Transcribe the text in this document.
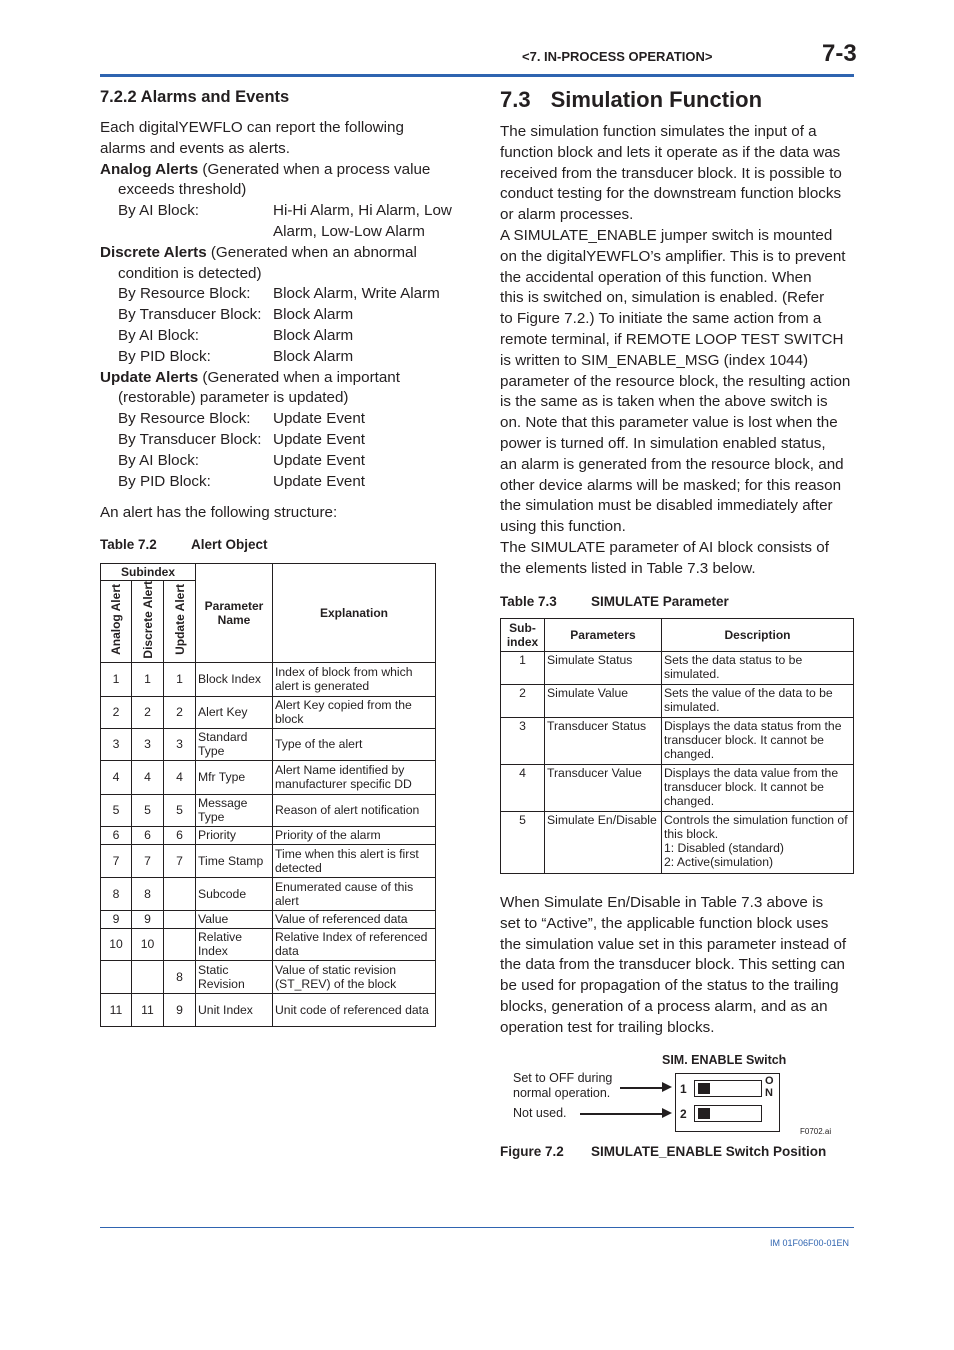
<7. IN-PROCESS OPERATION>	7-3
7.2.2 Alarms and Events
Each digitalYEWFLO can report the following
alarms and events as alerts.
Analog Alerts (Generated when a process value
exceeds threshold)
By AI Block:	Hi-Hi Alarm, Hi Alarm, Low
Alarm, Low-Low Alarm
Discrete Alerts (Generated when an abnormal
condition is detected)
By Resource Block:	Block Alarm, Write Alarm
By Transducer Block: Block Alarm
By AI Block:	Block Alarm
By PID Block:	Block Alarm
Update Alerts (Generated when a important
(restorable) parameter is updated)
By Resource Block:	Update Event
By Transducer Block: Update Event
By AI Block:	Update Event
By PID Block:	Update Event
An alert has the following structure:
Table 7.2	Alert Object
Subindex			Parameter Name	Explanation
Analog Alert	Discrete Alert	Update Alert		
1	1	1	Block Index	Index of block from which alert is generated
2	2	2	Alert Key	Alert Key copied from the block
3	3	3	Standard Type	Type of the alert
4	4	4	Mfr Type	Alert Name identified by manufacturer specific DD
5	5	5	Message Type	Reason of alert notification
6	6	6	Priority	Priority of the alarm
7	7	7	Time Stamp	Time when this alert is first detected
8	8		Subcode	Enumerated cause of this alert
9	9		Value	Value of referenced data
10	10		Relative Index	Relative Index of referenced data
		8	Static Revision	Value of static revision (ST_REV) of the block
11	11	9	Unit Index	Unit code of referenced data
7.3 Simulation Function
The simulation function simulates the input of a
function block and lets it operate as if the data was
received from the transducer block. It is possible to
conduct testing for the downstream function blocks
or alarm processes.
A SIMULATE_ENABLE jumper switch is mounted
on the digitalYEWFLO’s amplifier. This is to prevent
the accidental operation of this function. When
this is switched on, simulation is enabled. (Refer
to Figure 7.2.) To initiate the same action from a
remote terminal, if REMOTE LOOP TEST SWITCH
is written to SIM_ENABLE_MSG (index 1044)
parameter of the resource block, the resulting action
is the same as is taken when the above switch is
on. Note that this parameter value is lost when the
power is turned off. In simulation enabled status,
an alarm is generated from the resource block, and
other device alarms will be masked; for this reason
the simulation must be disabled immediately after
using this function.
The SIMULATE parameter of AI block consists of
the elements listed in Table 7.3 below.
Table 7.3	SIMULATE Parameter
Sub-index	Parameters	Description
1	Simulate Status	Sets the data status to be simulated.
2	Simulate Value	Sets the value of the data to be simulated.
3	Transducer Status	Displays the data status from the transducer block. It cannot be changed.
4	Transducer Value	Displays the data value from the transducer block. It cannot be changed.
5	Simulate En/Disable	Controls the simulation function of this block.
1: Disabled (standard)
2: Active(simulation)
When Simulate En/Disable in Table 7.3 above is
set to “Active”, the applicable function block uses
the simulation value set in this parameter instead of
the data from the transducer block. This setting can
be used for propagation of the status to the trailing
blocks, generation of a process alarm, and as an
operation test for trailing blocks.
SIM. ENABLE Switch
Set to OFF during
normal operation.
Not used.
1
2
O
N
F0702.ai
Figure 7.2 SIMULATE_ENABLE Switch Position
IM 01F06F00-01EN
